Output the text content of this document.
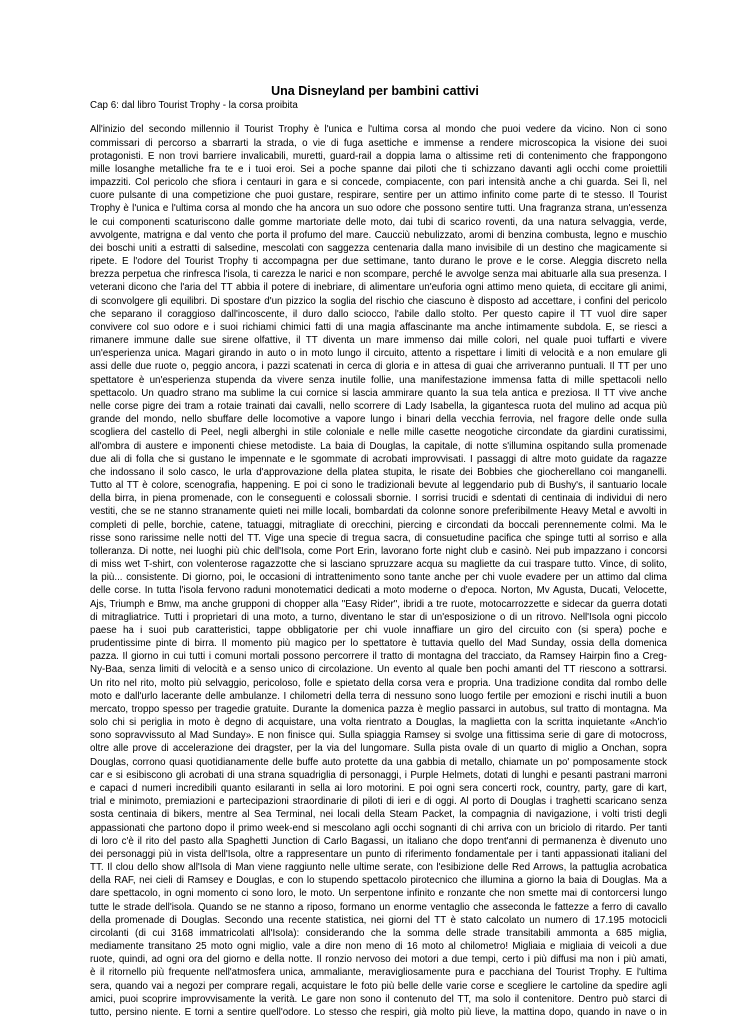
Una Disneyland per bambini cattivi
Cap 6: dal libro Tourist Trophy - la corsa proibita
All'inizio del secondo millennio il Tourist Trophy è l'unica e l'ultima corsa al mondo che puoi vedere da vicino. Non ci sono
commissari di percorso a sbarrarti la strada, o vie di fuga asettiche e immense a rendere microscopica la visione dei suoi
protagonisti. E non trovi barriere invalicabili, muretti, guard-rail a doppia lama o altissime reti di contenimento che frappongono
mille losanghe metalliche fra te e i tuoi eroi. Sei a poche spanne dai piloti che ti schizzano davanti agli occhi come proiettili
impazziti. Col pericolo che sfiora i centauri in gara e si concede, compiacente, con pari intensità anche a chi guarda. Sei lì, nel
cuore pulsante di una competizione che puoi gustare, respirare, sentire per un attimo infinito come parte di te stesso. Il Tourist
Trophy è l'unica e l'ultima corsa al mondo che ha ancora un suo odore che possono sentire tutti. Una fragranza strana, un'essenza
le cui componenti scaturiscono dalle gomme martoriate delle moto, dai tubi di scarico roventi, da una natura selvaggia, verde,
avvolgente, matrigna e dal vento che porta il profumo del mare. Caucciù nebulizzato, aromi di benzina combusta, legno e muschio
dei boschi uniti a estratti di salsedine, mescolati con saggezza centenaria dalla mano invisibile di un destino che magicamente si
ripete. E l'odore del Tourist Trophy ti accompagna per due settimane, tanto durano le prove e le corse. Aleggia discreto nella
brezza perpetua che rinfresca l'isola, ti carezza le narici e non scompare, perché le avvolge senza mai abituarle alla sua presenza. I
veterani dicono che l'aria del TT abbia il potere di inebriare, di alimentare un'euforia ogni attimo meno quieta, di eccitare gli animi,
di sconvolgere gli equilibri. Di spostare d'un pizzico la soglia del rischio che ciascuno è disposto ad accettare, i confini del pericolo
che separano il coraggioso dall'incoscente, il duro dallo sciocco, l'abile dallo stolto. Per questo capire il TT vuol dire saper
convivere col suo odore e i suoi richiami chimici fatti di una magia affascinante ma anche intimamente subdola. E, se riesci a
rimanere immune dalle sue sirene olfattive, il TT diventa un mare immenso dai mille colori, nel quale puoi tuffarti e vivere
un'esperienza unica. Magari girando in auto o in moto lungo il circuito, attento a rispettare i limiti di velocità e a non emulare gli
assi delle due ruote o, peggio ancora, i pazzi scatenati in cerca di gloria e in attesa di guai che arriveranno puntuali. Il TT per uno
spettatore è un'esperienza stupenda da vivere senza inutile follie, una manifestazione immensa fatta di mille spettacoli nello
spettacolo. Un quadro strano ma sublime la cui cornice si lascia ammirare quanto la sua tela antica e preziosa. Il TT vive anche
nelle corse pigre dei tram a rotaie trainati dai cavalli, nello scorrere di Lady Isabella, la gigantesca ruota del mulino ad acqua più
grande del mondo, nello sbuffare delle locomotive a vapore lungo i binari della vecchia ferrovia, nel fragore delle onde sulla
scogliera del castello di Peel, negli alberghi in stile coloniale e nelle mille casette neogotiche circondate da giardini curatissimi,
all'ombra di austere e imponenti chiese metodiste. La baia di Douglas, la capitale, di notte s'illumina ospitando sulla promenade
due ali di folla che si gustano le impennate e le sgommate di acrobati improvvisati. I passaggi di altre moto guidate da ragazze
che indossano il solo casco, le urla d'approvazione della platea stupita, le risate dei Bobbies che giocherellano coi manganelli.
Tutto al TT è colore, scenografia, happening. E poi ci sono le tradizionali bevute al leggendario pub di Bushy's, il santuario locale
della birra, in piena promenade, con le conseguenti e colossali sbornie. I sorrisi trucidi e sdentati di centinaia di individui di nero
vestiti, che se ne stanno stranamente quieti nei mille locali, bombardati da colonne sonore preferibilmente Heavy Metal e avvolti in
completi di pelle, borchie, catene, tatuaggi, mitragliate di orecchini, piercing e circondati da boccali perennemente colmi. Ma le
risse sono rarissime nelle notti del TT. Vige una specie di tregua sacra, di consuetudine pacifica che spinge tutti al sorriso e alla
tolleranza. Di notte, nei luoghi più chic dell'Isola, come Port Erin, lavorano forte night club e casinò. Nei pub impazzano i concorsi
di miss wet T-shirt, con volenterose ragazzotte che si lasciano spruzzare acqua su magliette da cui traspare tutto. Vince, di solito,
la più... consistente. Di giorno, poi, le occasioni di intrattenimento sono tante anche per chi vuole evadere per un attimo dal clima
delle corse. In tutta l'isola fervono raduni monotematici dedicati a moto moderne o d'epoca. Norton, Mv Agusta, Ducati, Velocette,
Ajs, Triumph e Bmw, ma anche grupponi di chopper alla "Easy Rider", ibridi a tre ruote, motocarrozzette e sidecar da guerra dotati
di mitragliatrice. Tutti i proprietari di una moto, a turno, diventano le star di un'esposizione o di un ritrovo. Nell'Isola ogni piccolo
paese ha i suoi pub caratteristici, tappe obbligatorie per chi vuole innaffiare un giro del circuito con (si spera) poche e
prudentissime pinte di birra. Il momento più magico per lo spettatore è tuttavia quello del Mad Sunday, ossia della domenica
pazza. Il giorno in cui tutti i comuni mortali possono percorrere il tratto di montagna del tracciato, da Ramsey Hairpin fino a Creg-
Ny-Baa, senza limiti di velocità e a senso unico di circolazione. Un evento al quale ben pochi amanti del TT riescono a sottrarsi.
Un rito nel rito, molto più selvaggio, pericoloso, folle e spietato della corsa vera e propria. Una tradizione condita dal rombo delle
moto e dall'urlo lacerante delle ambulanze. I chilometri della terra di nessuno sono luogo fertile per emozioni e rischi inutili a buon
mercato, troppo spesso per tragedie gratuite. Durante la domenica pazza è meglio passarci in autobus, sul tratto di montagna. Ma
solo chi si periglia in moto è degno di acquistare, una volta rientrato a Douglas, la maglietta con la scritta inquietante «Anch'io
sono sopravvissuto al Mad Sunday». E non finisce qui. Sulla spiaggia Ramsey si svolge una fittissima serie di gare di motocross,
oltre alle prove di accelerazione dei dragster, per la via del lungomare. Sulla pista ovale di un quarto di miglio a Onchan, sopra
Douglas, corrono quasi quotidianamente delle buffe auto protette da una gabbia di metallo, chiamate un po' pomposamente stock
car e si esibiscono gli acrobati di una strana squadriglia di personaggi, i Purple Helmets, dotati di lunghi e pesanti pastrani marroni
e capaci d numeri incredibili quanto esilaranti in sella ai loro motorini. E poi ogni sera concerti rock, country, party, gare di kart,
trial e minimoto, premiazioni e partecipazioni straordinarie di piloti di ieri e di oggi. Al porto di Douglas i traghetti scaricano senza
sosta centinaia di bikers, mentre al Sea Terminal, nei locali della Steam Packet, la compagnia di navigazione, i volti tristi degli
appassionati che partono dopo il primo week-end si mescolano agli occhi sognanti di chi arriva con un briciolo di ritardo. Per tanti
di loro c'è il rito del pasto alla Spaghetti Junction di Carlo Bagassi, un italiano che dopo trent'anni di permanenza è divenuto uno
dei personaggi più in vista dell'Isola, oltre a rappresentare un punto di riferimento fondamentale per i tanti appassionati italiani del
TT. Il clou dello show all'Isola di Man viene raggiunto nelle ultime serate, con l'esibizione delle Red Arrows, la pattuglia acrobatica
della RAF, nei cieli di Ramsey e Douglas, e con lo stupendo spettacolo pirotecnico che illumina a giorno la baia di Douglas. Ma a
dare spettacolo, in ogni momento ci sono loro, le moto. Un serpentone infinito e ronzante che non smette mai di contorcersi lungo
tutte le strade dell'isola. Quando se ne stanno a riposo, formano un enorme ventaglio che asseconda le fattezze a ferro di cavallo
della promenade di Douglas. Secondo una recente statistica, nei giorni del TT è stato calcolato un numero di 17.195 motocicli
circolanti (di cui 3168 immatricolati all'Isola): considerando che la somma delle strade transitabili ammonta a 685 miglia,
mediamente transitano 25 moto ogni miglio, vale a dire non meno di 16 moto al chilometro! Migliaia e migliaia di veicoli a due
ruote, quindi, ad ogni ora del giorno e della notte. Il ronzio nervoso dei motori a due tempi, certo i più diffusi ma non i più amati,
è il ritornello più frequente nell'atmosfera unica, ammaliante, meravigliosamente pura e pacchiana del Tourist Trophy. E l'ultima
sera, quando vai a negozi per comprare regali, acquistare le foto più belle delle varie corse e scegliere le cartoline da spedire agli
amici, puoi scoprire improvvisamente la verità. Le gare non sono il contenuto del TT, ma solo il contenitore. Dentro può starci di
tutto, persino niente. E torni a sentire quell'odore. Lo stesso che respiri, già molto più lieve, la mattina dopo, quando in nave o in
